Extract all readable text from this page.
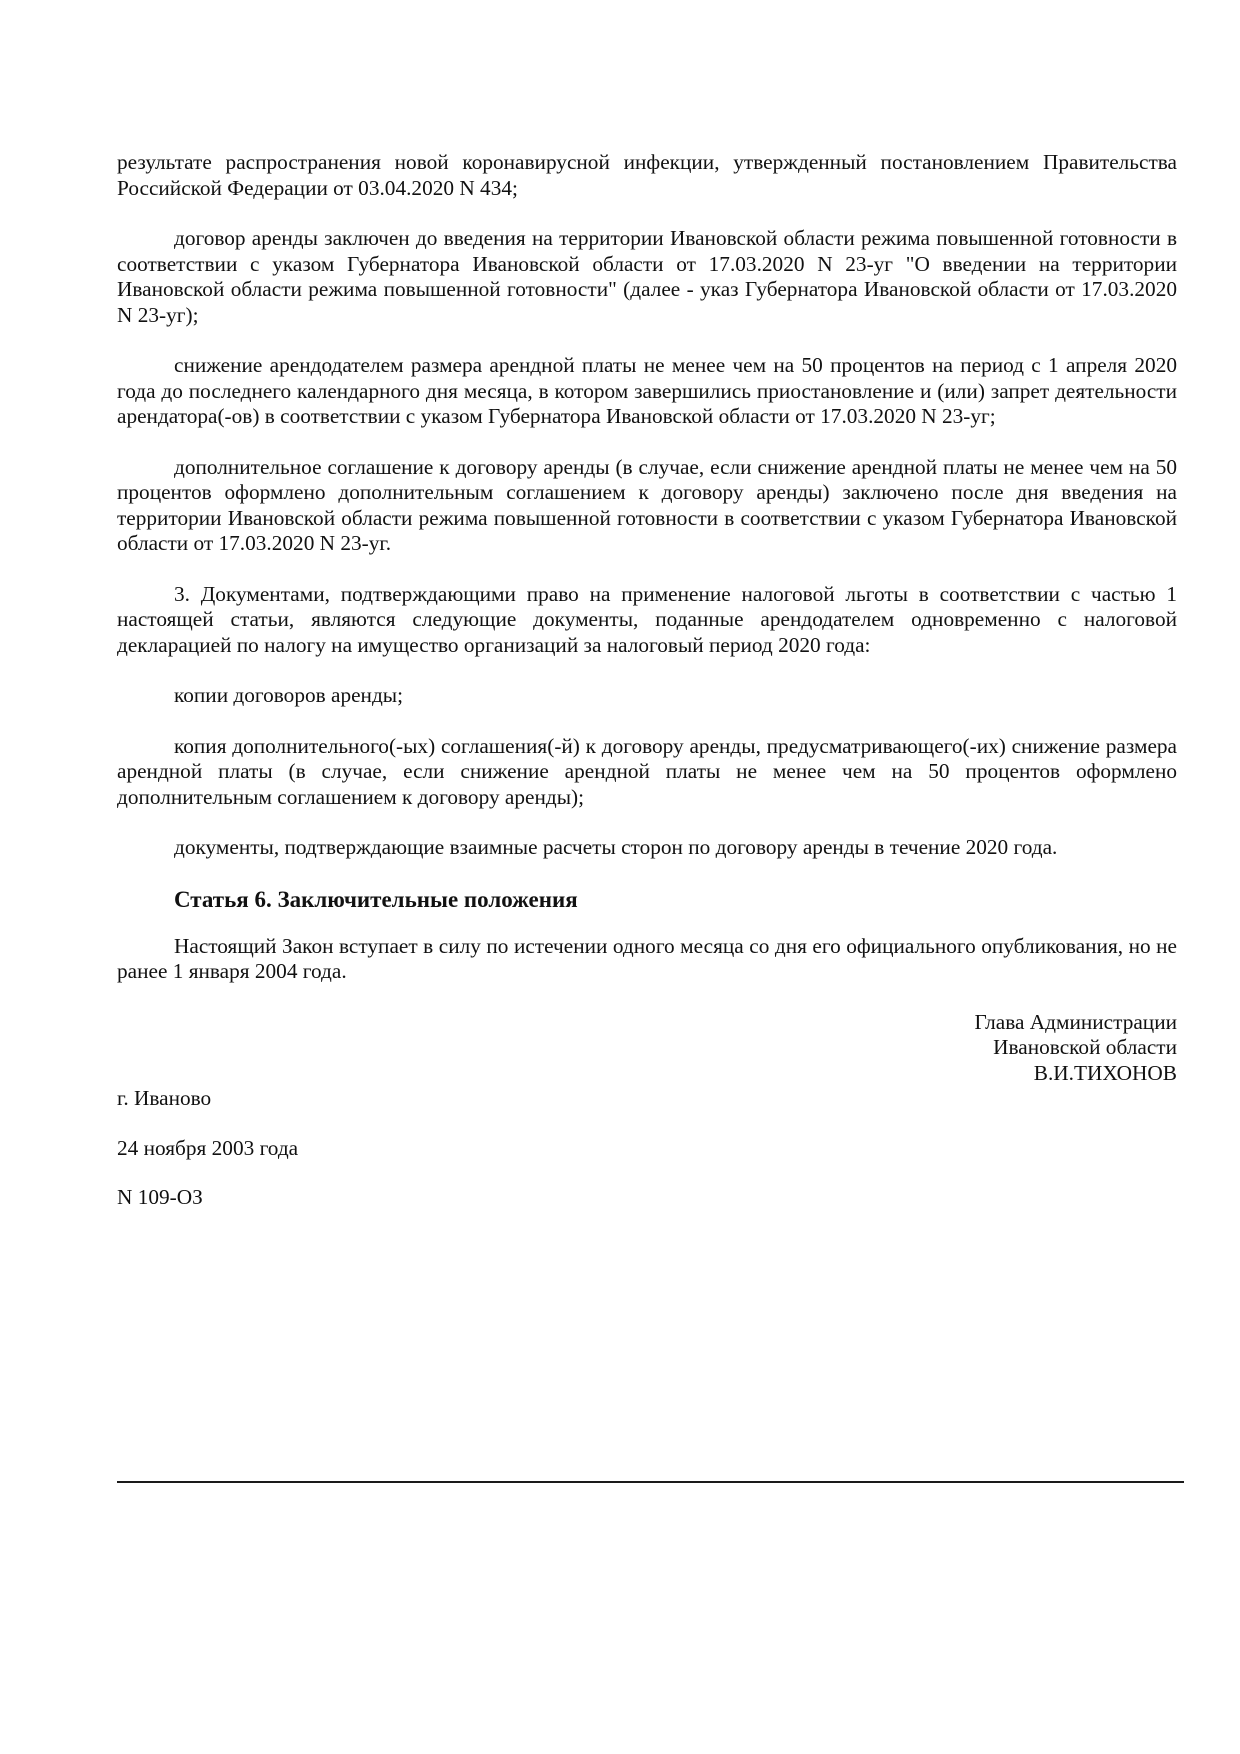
результате распространения новой коронавирусной инфекции, утвержденный постановлением Правительства Российской Федерации от 03.04.2020 N 434;

договор аренды заключен до введения на территории Ивановской области режима повышенной готовности в соответствии с указом Губернатора Ивановской области от 17.03.2020 N 23-уг "О введении на территории Ивановской области режима повышенной готовности" (далее - указ Губернатора Ивановской области от 17.03.2020 N 23-уг);

снижение арендодателем размера арендной платы не менее чем на 50 процентов на период с 1 апреля 2020 года до последнего календарного дня месяца, в котором завершились приостановление и (или) запрет деятельности арендатора(-ов) в соответствии с указом Губернатора Ивановской области от 17.03.2020 N 23-уг;

дополнительное соглашение к договору аренды (в случае, если снижение арендной платы не менее чем на 50 процентов оформлено дополнительным соглашением к договору аренды) заключено после дня введения на территории Ивановской области режима повышенной готовности в соответствии с указом Губернатора Ивановской области от 17.03.2020 N 23-уг.

3. Документами, подтверждающими право на применение налоговой льготы в соответствии с частью 1 настоящей статьи, являются следующие документы, поданные арендодателем одновременно с налоговой декларацией по налогу на имущество организаций за налоговый период 2020 года:

копии договоров аренды;

копия дополнительного(-ых) соглашения(-й) к договору аренды, предусматривающего(-их) снижение размера арендной платы (в случае, если снижение арендной платы не менее чем на 50 процентов оформлено дополнительным соглашением к договору аренды);

документы, подтверждающие взаимные расчеты сторон по договору аренды в течение 2020 года.

Статья 6. Заключительные положения

Настоящий Закон вступает в силу по истечении одного месяца со дня его официального опубликования, но не ранее 1 января 2004 года.

Глава Администрации
Ивановской области
В.И.ТИХОНОВ

г. Иваново

24 ноября 2003 года

N 109-ОЗ
